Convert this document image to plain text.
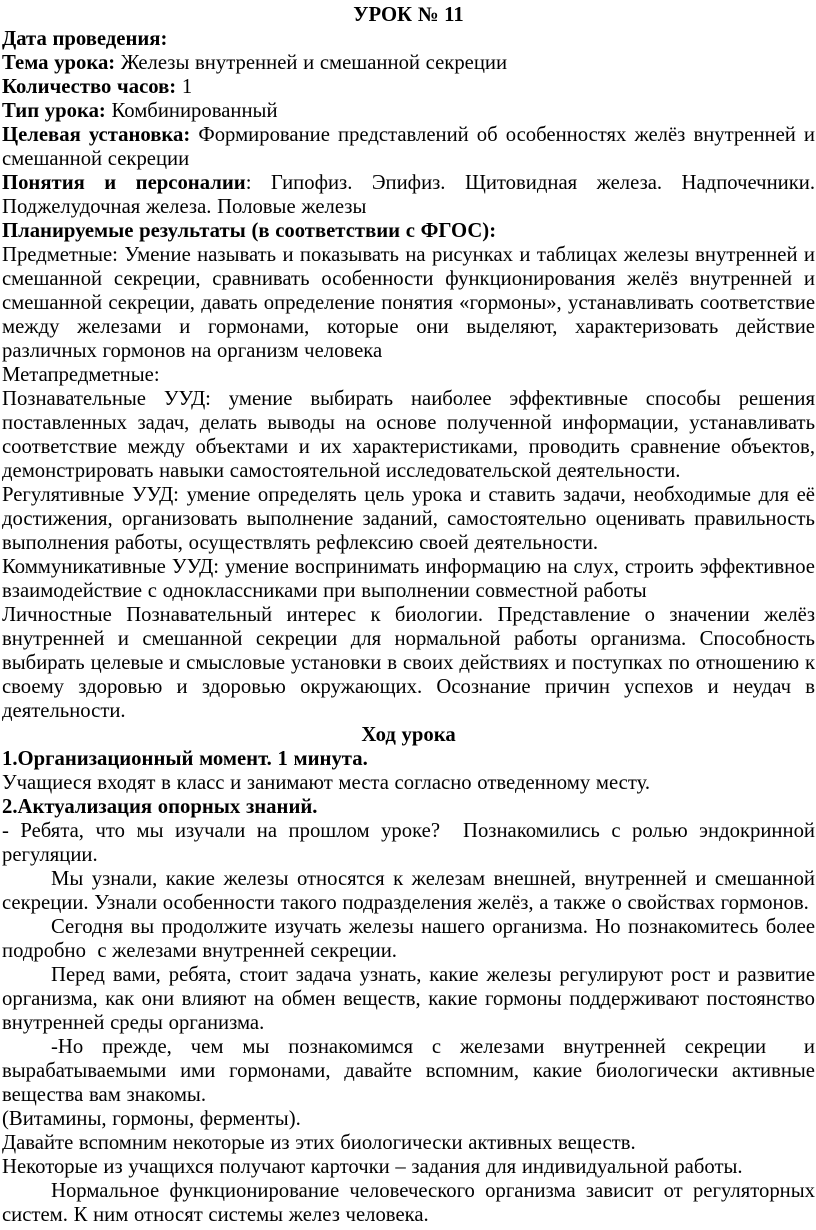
УРОК № 11

Дата проведения:

Тема урока: Железы внутренней и смешанной секреции

Количество часов: 1

Тип урока: Комбинированный

Целевая установка: Формирование представлений об особенностях желёз внутренней и смешанной секреции

Понятия и персоналии: Гипофиз. Эпифиз. Щитовидная железа. Надпочечники. Поджелудочная железа. Половые железы

Планируемые результаты (в соответствии с ФГОС):

Предметные: Умение называть и показывать на рисунках и таблицах железы внутренней и смешанной секреции, сравнивать особенности функционирования желёз внутренней и смешанной секреции, давать определение понятия «гормоны», устанавливать соответствие между железами и гормонами, которые они выделяют, характеризовать действие различных гормонов на организм человека

Метапредметные:

Познавательные УУД: умение выбирать наиболее эффективные способы решения поставленных задач, делать выводы на основе полученной информации, устанавливать соответствие между объектами и их характеристиками, проводить сравнение объектов, демонстрировать навыки самостоятельной исследовательской деятельности.

Регулятивные УУД: умение определять цель урока и ставить задачи, необходимые для её достижения, организовать выполнение заданий, самостоятельно оценивать правильность выполнения работы, осуществлять рефлексию своей деятельности.

Коммуникативные УУД: умение воспринимать информацию на слух, строить эффективное взаимодействие с одноклассниками при выполнении совместной работы

Личностные Познавательный интерес к биологии. Представление о значении желёз внутренней и смешанной секреции для нормальной работы организма. Способность выбирать целевые и смысловые установки в своих действиях и поступках по отношению к своему здоровью и здоровью окружающих. Осознание причин успехов и неудач в деятельности.

Ход урока

1.Организационный момент. 1 минута.

Учащиеся входят в класс и занимают места согласно отведенному месту.

2.Актуализация опорных знаний.

- Ребята, что мы изучали на прошлом уроке?  Познакомились с ролью эндокринной регуляции.

Мы узнали, какие железы относятся к железам внешней, внутренней и смешанной секреции. Узнали особенности такого подразделения желёз, а также о свойствах гормонов.

Сегодня вы продолжите изучать железы нашего организма. Но познакомитесь более подробно  с железами внутренней секреции.

Перед вами, ребята, стоит задача узнать, какие железы регулируют рост и развитие организма, как они влияют на обмен веществ, какие гормоны поддерживают постоянство внутренней среды организма.

-Но прежде, чем мы познакомимся с железами внутренней секреции  и вырабатываемыми ими гормонами, давайте вспомним, какие биологически активные вещества вам знакомы.

(Витамины, гормоны, ферменты).

Давайте вспомним некоторые из этих биологически активных веществ.

Некоторые из учащихся получают карточки – задания для индивидуальной работы.

Нормальное функционирование человеческого организма зависит от регуляторных систем. К ним относят системы желез человека.
